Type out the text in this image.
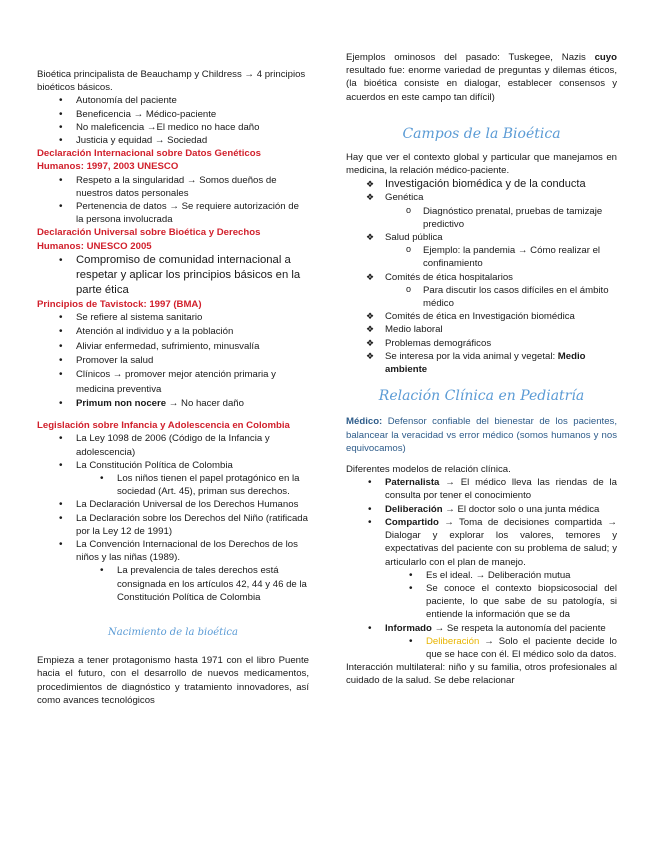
Bioética principalista de Beauchamp y Childress → 4 principios bioéticos básicos.

• Autonomía del paciente
• Beneficencia → Médico-paciente
• No maleficencia →El medico no hace daño
• Justicia y equidad → Sociedad

Declaración Internacional sobre Datos Genéticos Humanos: 1997, 2003 UNESCO

• Respeto a la singularidad → Somos dueños de nuestros datos personales
• Pertenencia de datos → Se requiere autorización de la persona involucrada

Declaración Universal sobre Bioética y Derechos Humanos: UNESCO 2005

• Compromiso de comunidad internacional a respetar y aplicar los principios básicos en la parte ética

Principios de Tavistock: 1997 (BMA)

• Se refiere al sistema sanitario
• Atención al individuo y a la población
• Aliviar enfermedad, sufrimiento, minusvalía
• Promover la salud
• Clínicos → promover mejor atención primaria y medicina preventiva
• Primum non nocere → No hacer daño

Legislación sobre Infancia y Adolescencia en Colombia

• La Ley 1098 de 2006 (Código de la Infancia y adolescencia)
• La Constitución Política de Colombia
• Los niños tienen el papel protagónico en la sociedad (Art. 45), priman sus derechos.
• La Declaración Universal de los Derechos Humanos
• La Declaración sobre los Derechos del Niño (ratificada por la Ley 12 de 1991)
• La Convención Internacional de los Derechos de los niños y las niñas (1989).
• La prevalencia de tales derechos está consignada en los artículos 42, 44 y 46 de la Constitución Política de Colombia

Nacimiento de la bioética

Empieza a tener protagonismo hasta 1971 con el libro Puente hacia el futuro, con el desarrollo de nuevos medicamentos, procedimientos de diagnóstico y tratamiento innovadores, así como avances tecnológicos

Ejemplos ominosos del pasado: Tuskegee, Nazis cuyo resultado fue: enorme variedad de preguntas y dilemas éticos, (la bioética consiste en dialogar, establecer consensos y acuerdos en este campo tan difícil)

Campos de la Bioética

Hay que ver el contexto global y particular que manejamos en medicina, la relación médico-paciente.

❖ Investigación biomédica y de la conducta
❖ Genética
o Diagnóstico prenatal, pruebas de tamizaje predictivo
❖ Salud pública
o Ejemplo: la pandemia → Cómo realizar el confinamiento
❖ Comités de ética hospitalarios
o Para discutir los casos difíciles en el ámbito médico
❖ Comités de ética en Investigación biomédica
❖ Medio laboral
❖ Problemas demográficos
❖ Se interesa por la vida animal y vegetal: Medio ambiente

Relación Clínica en Pediatría

Médico: Defensor confiable del bienestar de los pacientes, balancear la veracidad vs error médico (somos humanos y nos equivocamos)

Diferentes modelos de relación clínica.

• Paternalista → El médico lleva las riendas de la consulta por tener el conocimiento
• Deliberación → El doctor solo o una junta médica
• Compartido → Toma de decisiones compartida → Dialogar y explorar los valores, temores y expectativas del paciente con su problema de salud; y articularlo con el plan de manejo.
• Es el ideal. → Deliberación mutua
• Se conoce el contexto biopsicosocial del paciente, lo que sabe de su patología, si entiende la información que se da
• Informado → Se respeta la autonomía del paciente
• Deliberación → Solo el paciente decide lo que se hace con él. El médico solo da datos.

Interacción multilateral: niño y su familia, otros profesionales al cuidado de la salud. Se debe relacionar
